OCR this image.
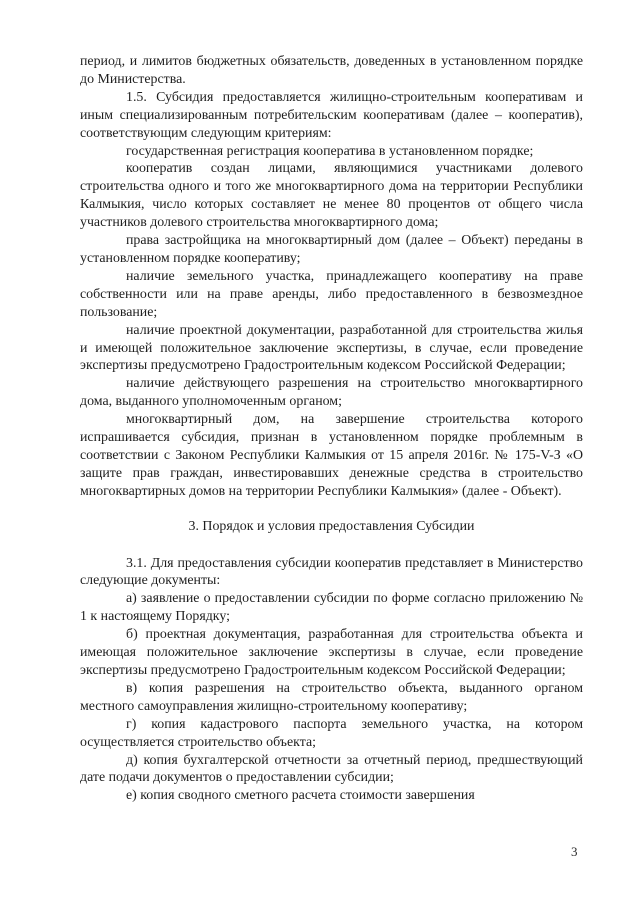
период, и лимитов бюджетных обязательств, доведенных в установленном порядке до Министерства.

1.5. Субсидия предоставляется жилищно-строительным кооперативам и иным специализированным потребительским кооперативам (далее – кооператив), соответствующим следующим критериям:

государственная регистрация кооператива в установленном порядке;

кооператив создан лицами, являющимися участниками долевого строительства одного и того же многоквартирного дома на территории Республики Калмыкия, число которых составляет не менее 80 процентов от общего числа участников долевого строительства многоквартирного дома;

права застройщика на многоквартирный дом (далее – Объект) переданы в установленном порядке кооперативу;

наличие земельного участка, принадлежащего кооперативу на праве собственности или на праве аренды, либо предоставленного в безвозмездное пользование;

наличие проектной документации, разработанной для строительства жилья и имеющей положительное заключение экспертизы, в случае, если проведение экспертизы предусмотрено Градостроительным кодексом Российской Федерации;

наличие действующего разрешения на строительство многоквартирного дома, выданного уполномоченным органом;

многоквартирный дом, на завершение строительства которого испрашивается субсидия, признан в установленном порядке проблемным в соответствии с Законом Республики Калмыкия от 15 апреля 2016г. № 175-V-З «О защите прав граждан, инвестировавших денежные средства в строительство многоквартирных домов на территории Республики Калмыкия» (далее - Объект).

3. Порядок и условия предоставления Субсидии

3.1. Для предоставления субсидии кооператив представляет в Министерство следующие документы:

а) заявление о предоставлении субсидии по форме согласно приложению № 1 к настоящему Порядку;

б) проектная документация, разработанная для строительства объекта и имеющая положительное заключение экспертизы в случае, если проведение экспертизы предусмотрено Градостроительным кодексом Российской Федерации;

в) копия разрешения на строительство объекта, выданного органом местного самоуправления жилищно-строительному кооперативу;

г) копия кадастрового паспорта земельного участка, на котором осуществляется строительство объекта;

д) копия бухгалтерской отчетности за отчетный период, предшествующий дате подачи документов о предоставлении субсидии;

е) копия сводного сметного расчета стоимости завершения

3
